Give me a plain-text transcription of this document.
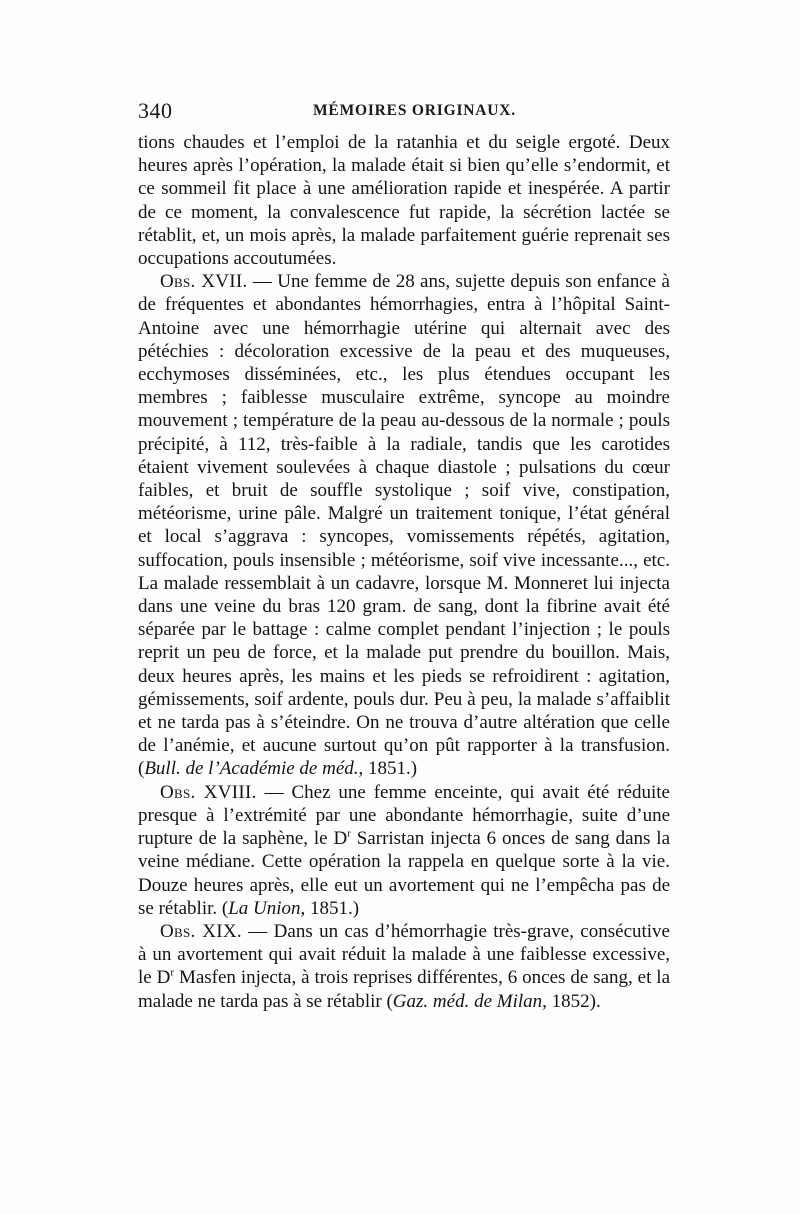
340	MÉMOIRES ORIGINAUX.

tions chaudes et l’emploi de la ratanhia et du seigle ergoté. Deux heures après l’opération, la malade était si bien qu’elle s’endormit, et ce sommeil fit place à une amélioration rapide et inespérée. A partir de ce moment, la convalescence fut rapide, la sécrétion lactée se rétablit, et, un mois après, la malade parfaitement guérie reprenait ses occupations accoutumées.

Obs. XVII. — Une femme de 28 ans, sujette depuis son enfance à de fréquentes et abondantes hémorrhagies, entra à l’hôpital Saint-Antoine avec une hémorrhagie utérine qui alternait avec des pétéchies : décoloration excessive de la peau et des muqueuses, ecchymoses disséminées, etc., les plus étendues occupant les membres ; faiblesse musculaire extrême, syncope au moindre mouvement ; température de la peau au-dessous de la normale ; pouls précipité, à 112, très-faible à la radiale, tandis que les carotides étaient vivement soulevées à chaque diastole ; pulsations du cœur faibles, et bruit de souffle systolique ; soif vive, constipation, météorisme, urine pâle. Malgré un traitement tonique, l’état général et local s’aggrava : syncopes, vomissements répétés, agitation, suffocation, pouls insensible ; météorisme, soif vive incessante..., etc. La malade ressemblait à un cadavre, lorsque M. Monneret lui injecta dans une veine du bras 120 gram. de sang, dont la fibrine avait été séparée par le battage : calme complet pendant l’injection ; le pouls reprit un peu de force, et la malade put prendre du bouillon. Mais, deux heures après, les mains et les pieds se refroidirent : agitation, gémissements, soif ardente, pouls dur. Peu à peu, la malade s’affaiblit et ne tarda pas à s’éteindre. On ne trouva d’autre altération que celle de l’anémie, et aucune surtout qu’on pût rapporter à la transfusion. (Bull. de l’Académie de méd., 1851.)

Obs. XVIII. — Chez une femme enceinte, qui avait été réduite presque à l’extrémité par une abondante hémorrhagie, suite d’une rupture de la saphène, le $D^r$ Sarristan injecta 6 onces de sang dans la veine médiane. Cette opération la rappela en quelque sorte à la vie. Douze heures après, elle eut un avortement qui ne l’empêcha pas de se rétablir. (La Union, 1851.)

Obs. XIX. — Dans un cas d’hémorrhagie très-grave, consécutive à un avortement qui avait réduit la malade à une faiblesse excessive, le $D^r$ Masfen injecta, à trois reprises différentes, 6 onces de sang, et la malade ne tarda pas à se rétablir (Gaz. méd. de Milan, 1852).
